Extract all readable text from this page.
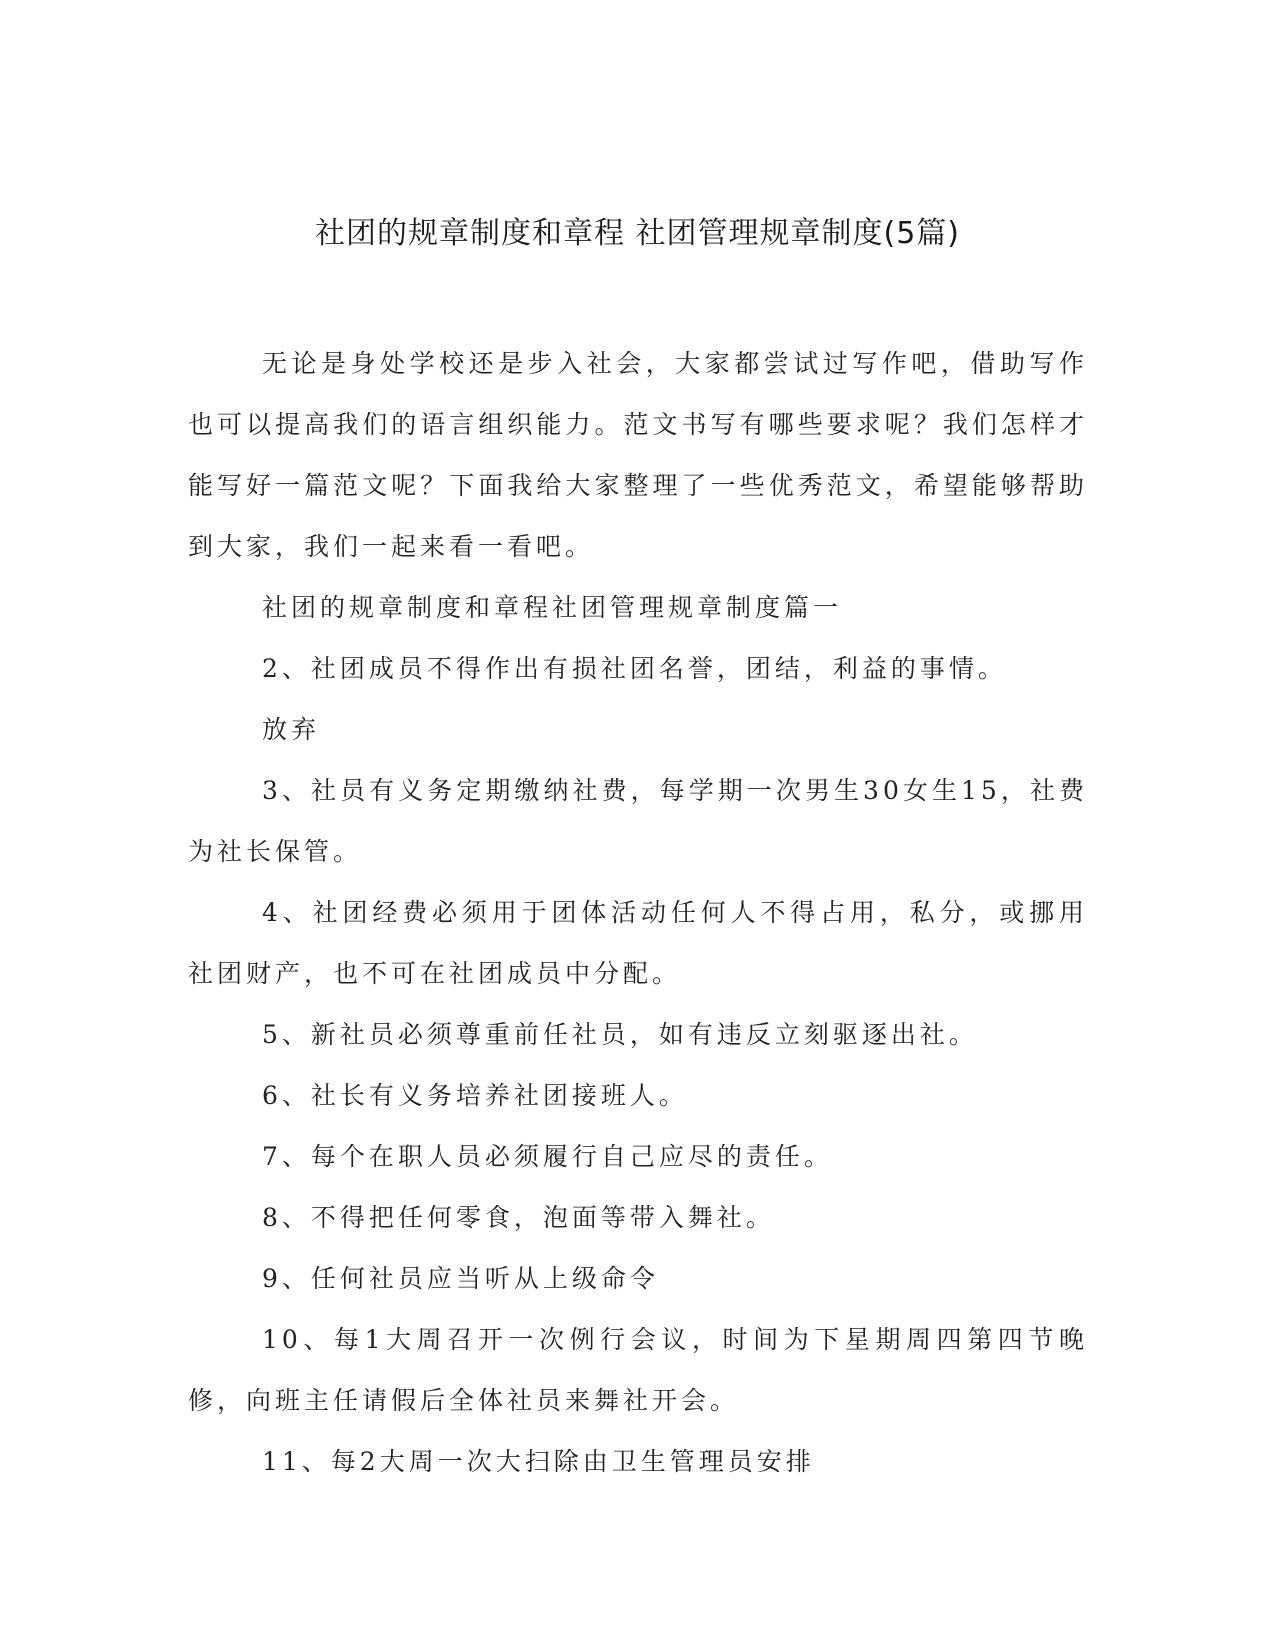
社团的规章制度和章程 社团管理规章制度(5篇)

无论是身处学校还是步入社会，大家都尝试过写作吧，借助写作也可以提高我们的语言组织能力。范文书写有哪些要求呢？我们怎样才能写好一篇范文呢？下面我给大家整理了一些优秀范文，希望能够帮助到大家，我们一起来看一看吧。

社团的规章制度和章程社团管理规章制度篇一

2、社团成员不得作出有损社团名誉，团结，利益的事情。

放弃

3、社员有义务定期缴纳社费，每学期一次男生30女生15，社费为社长保管。

4、社团经费必须用于团体活动任何人不得占用，私分，或挪用社团财产，也不可在社团成员中分配。

5、新社员必须尊重前任社员，如有违反立刻驱逐出社。

6、社长有义务培养社团接班人。

7、每个在职人员必须履行自己应尽的责任。

8、不得把任何零食，泡面等带入舞社。

9、任何社员应当听从上级命令

10、每1大周召开一次例行会议，时间为下星期周四第四节晚修，向班主任请假后全体社员来舞社开会。

11、每2大周一次大扫除由卫生管理员安排
